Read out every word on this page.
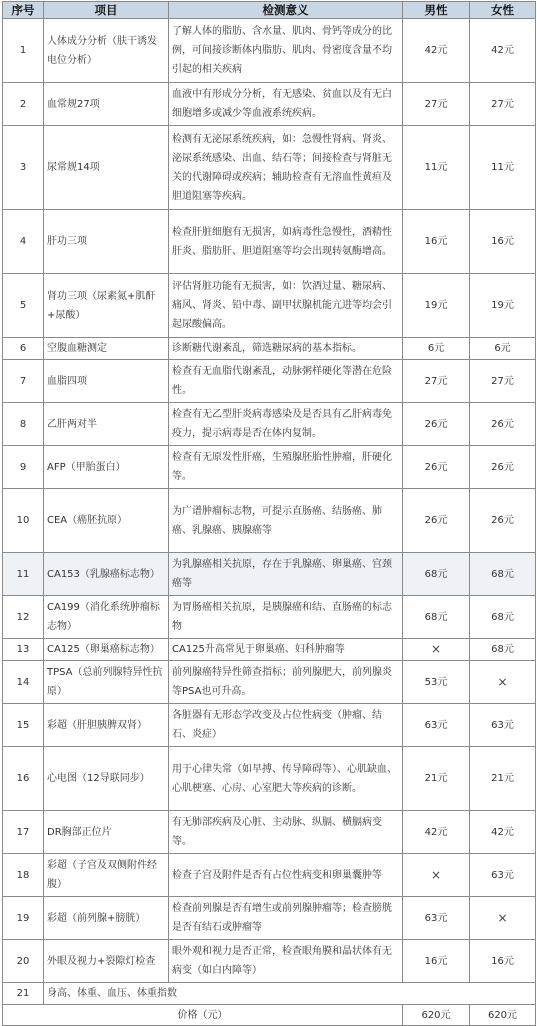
序号	项目	检测意义	男性	女性
1	人体成分分析（肤干诱发电位分析）	了解人体的脂肪、含水量、肌肉、骨钙等成分的比例，可间接诊断体内脂肪、肌肉、骨密度含量不均引起的相关疾病	42元	42元
2	血常规27项	血液中有形成分分析，有无感染、贫血以及有无白细胞增多或减少等血液系统疾病。	27元	27元
3	尿常规14项	检测有无泌尿系统疾病，如：急慢性肾病、肾炎、泌尿系统感染、出血、结石等；间接检查与肾脏无关的代谢障碍或疾病；辅助检查有无溶血性黄疸及胆道阻塞等疾病。	11元	11元
4	肝功三项	检查肝脏细胞有无损害，如病毒性急慢性，酒精性肝炎、脂肪肝、胆道阻塞等均会出现转氨酶增高。	16元	16元
5	肾功三项（尿素氮+肌酐+尿酸）	评估肾脏功能有无损害，如：饮酒过量、糖尿病、痛风、肾炎、铅中毒、副甲状腺机能亢进等均会引起尿酸偏高。	19元	19元
6	空腹血糖测定	诊断糖代谢紊乱，筛选糖尿病的基本指标。	6元	6元
7	血脂四项	检查有无血脂代谢紊乱，动脉粥样硬化等潜在危险性。	27元	27元
8	乙肝两对半	检查有无乙型肝炎病毒感染及是否具有乙肝病毒免疫力，提示病毒是否在体内复制。	26元	26元
9	AFP（甲胎蛋白）	检查有无原发性肝癌，生殖腺胚胎性肿瘤，肝硬化等。	26元	26元
10	CEA（癌胚抗原）	为广谱肿瘤标志物，可提示直肠癌、结肠癌、肺癌、乳腺癌、胰腺癌等	26元	26元
11	CA153（乳腺癌标志物）	为乳腺癌相关抗原，存在于乳腺癌、卵巢癌、宫颈癌等	68元	68元
12	CA199（消化系统肿瘤标志物）	为胃肠癌相关抗原，是胰腺癌和结、直肠癌的标志物	68元	68元
13	CA125（卵巢癌标志物）	CA125升高常见于卵巢癌、妇科肿瘤等	×	68元
14	TPSA（总前列腺特异性抗原）	前列腺癌特异性筛查指标；前列腺肥大，前列腺炎等PSA也可升高。	53元	×
15	彩超（肝胆胰脾双肾）	各脏器有无形态学改变及占位性病变（肿瘤、结石、炎症）	63元	63元
16	心电图（12导联同步）	用于心律失常（如早搏、传导障碍等）、心肌缺血、心肌梗塞、心房、心室肥大等疾病的诊断。	21元	21元
17	DR胸部正位片	有无肺部疾病及心脏、主动脉、纵膈、横膈病变等。	42元	42元
18	彩超（子宫及双侧附件经腹）	检查子宫及附件是否有占位性病变和卵巢囊肿等	×	63元
19	彩超（前列腺+膀胱）	检查前列腺是否有增生或前列腺肿瘤等；检查膀胱是否有结石或肿瘤等	63元	×
20	外眼及视力+裂隙灯检查	眼外观和视力是否正常，检查眼角膜和晶状体有无病变（如白内障等）	16元	16元
21	身高、体重、血压、体重指数			
价格（元）			620元	620元
